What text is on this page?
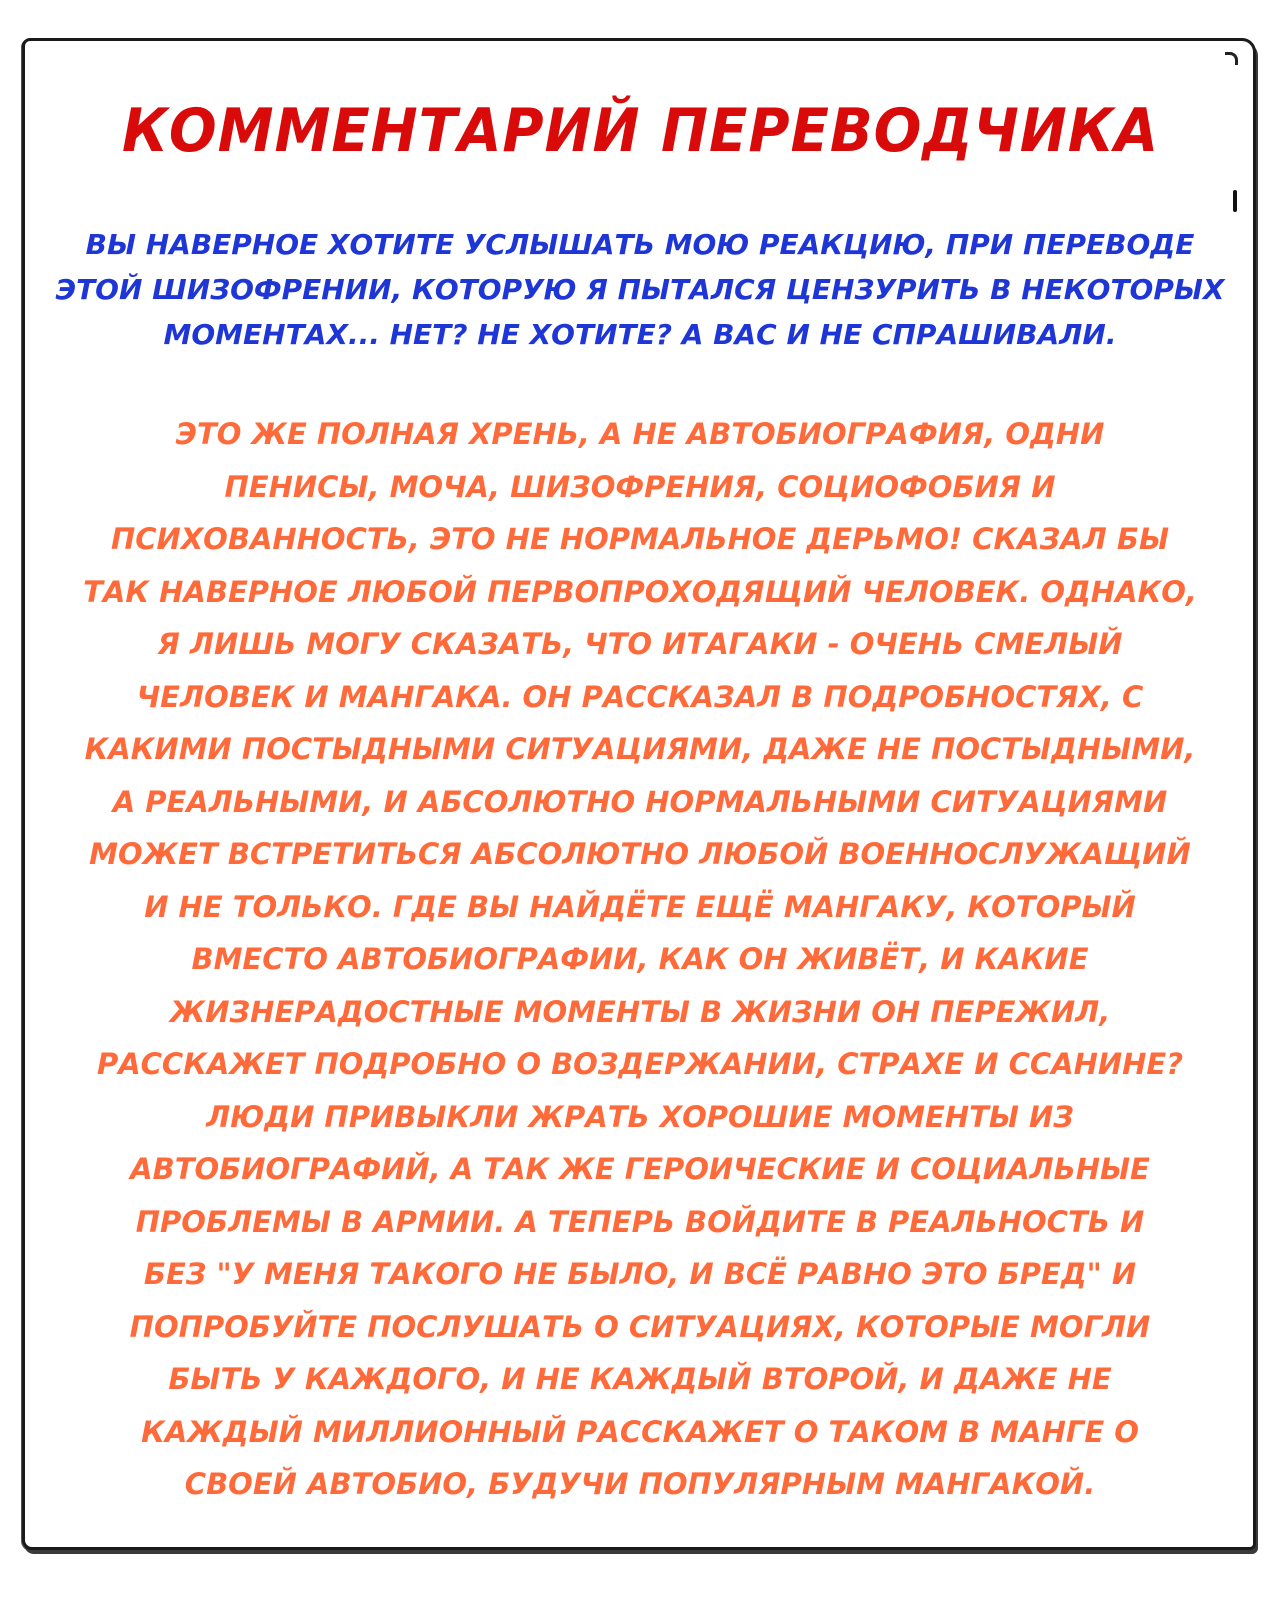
КОММЕНТАРИЙ ПЕРЕВОДЧИКА

ВЫ НАВЕРНОЕ ХОТИТЕ УСЛЫШАТЬ МОЮ РЕАКЦИЮ, ПРИ ПЕРЕВОДЕ
ЭТОЙ ШИЗОФРЕНИИ, КОТОРУЮ Я ПЫТАЛСЯ ЦЕНЗУРИТЬ В НЕКОТОРЫХ
МОМЕНТАХ... НЕТ? НЕ ХОТИТЕ? А ВАС И НЕ СПРАШИВАЛИ.

ЭТО ЖЕ ПОЛНАЯ ХРЕНЬ, А НЕ АВТОБИОГРАФИЯ, ОДНИ
ПЕНИСЫ, МОЧА, ШИЗОФРЕНИЯ, СОЦИОФОБИЯ И
ПСИХОВАННОСТЬ, ЭТО НЕ НОРМАЛЬНОЕ ДЕРЬМО! СКАЗАЛ БЫ
ТАК НАВЕРНОЕ ЛЮБОЙ ПЕРВОПРОХОДЯЩИЙ ЧЕЛОВЕК. ОДНАКО,
Я ЛИШЬ МОГУ СКАЗАТЬ, ЧТО ИТАГАКИ - ОЧЕНЬ СМЕЛЫЙ
ЧЕЛОВЕК И МАНГАКА. ОН РАССКАЗАЛ В ПОДРОБНОСТЯХ, С
КАКИМИ ПОСТЫДНЫМИ СИТУАЦИЯМИ, ДАЖЕ НЕ ПОСТЫДНЫМИ,
А РЕАЛЬНЫМИ, И АБСОЛЮТНО НОРМАЛЬНЫМИ СИТУАЦИЯМИ
МОЖЕТ ВСТРЕТИТЬСЯ АБСОЛЮТНО ЛЮБОЙ ВОЕННОСЛУЖАЩИЙ
И НЕ ТОЛЬКО. ГДЕ ВЫ НАЙДЁТЕ ЕЩЁ МАНГАКУ, КОТОРЫЙ
ВМЕСТО АВТОБИОГРАФИИ, КАК ОН ЖИВЁТ, И КАКИЕ
ЖИЗНЕРАДОСТНЫЕ МОМЕНТЫ В ЖИЗНИ ОН ПЕРЕЖИЛ,
РАССКАЖЕТ ПОДРОБНО О ВОЗДЕРЖАНИИ, СТРАХЕ И ССАНИНЕ?
ЛЮДИ ПРИВЫКЛИ ЖРАТЬ ХОРОШИЕ МОМЕНТЫ ИЗ
АВТОБИОГРАФИЙ, А ТАК ЖЕ ГЕРОИЧЕСКИЕ И СОЦИАЛЬНЫЕ
ПРОБЛЕМЫ В АРМИИ. А ТЕПЕРЬ ВОЙДИТЕ В РЕАЛЬНОСТЬ И
БЕЗ "У МЕНЯ ТАКОГО НЕ БЫЛО, И ВСЁ РАВНО ЭТО БРЕД" И
ПОПРОБУЙТЕ ПОСЛУШАТЬ О СИТУАЦИЯХ, КОТОРЫЕ МОГЛИ
БЫТЬ У КАЖДОГО, И НЕ КАЖДЫЙ ВТОРОЙ, И ДАЖЕ НЕ
КАЖДЫЙ МИЛЛИОННЫЙ РАССКАЖЕТ О ТАКОМ В МАНГЕ О
СВОЕЙ АВТОБИО, БУДУЧИ ПОПУЛЯРНЫМ МАНГАКОЙ.
